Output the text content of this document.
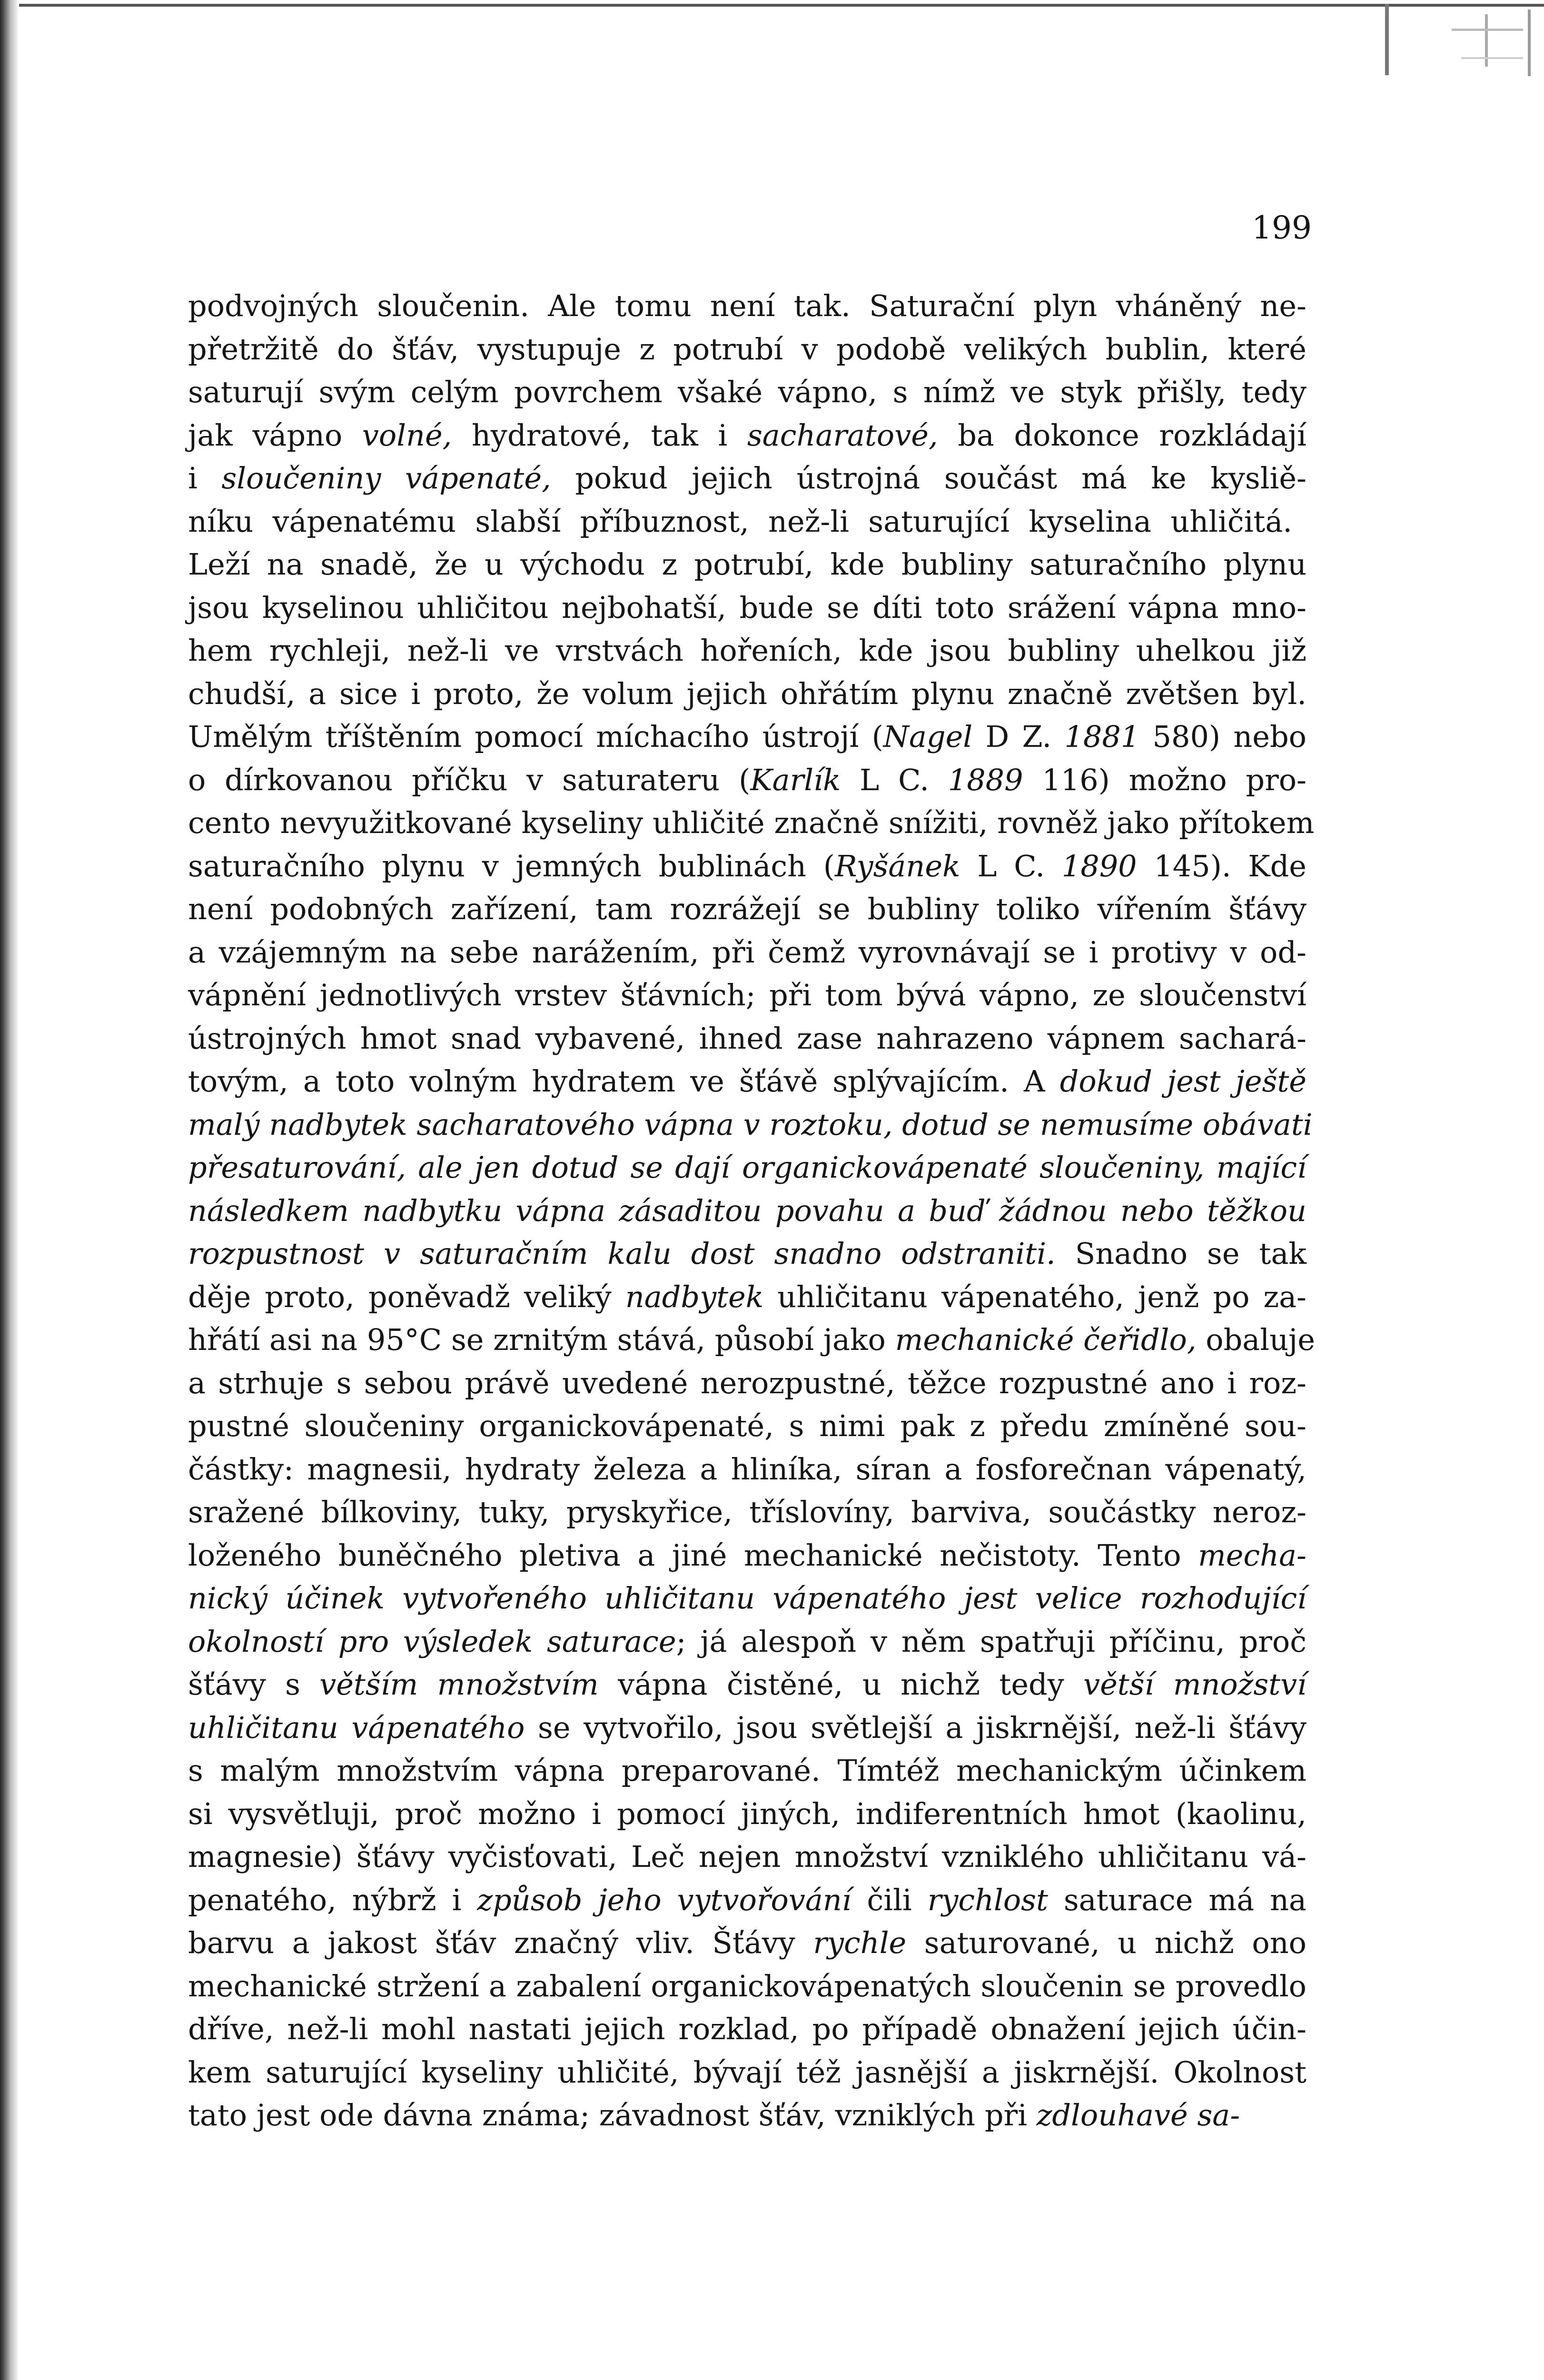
199
podvojných sloučenin. Ale tomu není tak. Saturační plyn vháněný ne-
přetržitě do šťáv, vystupuje z potrubí v podobě velikých bublin, které
saturují svým celým povrchem všaké vápno, s nímž ve styk přišly, tedy
jak vápno volné, hydratové, tak i sacharatové, ba dokonce rozkládají
i sloučeniny vápenaté, pokud jejich ústrojná součást má ke kysliě-
níku vápenatému slabší příbuznost, než-li saturující kyselina uhličitá.
Leží na snadě, že u východu z potrubí, kde bubliny saturačního plynu
jsou kyselinou uhličitou nejbohatší, bude se díti toto srážení vápna mno-
hem rychleji, než-li ve vrstvách hořeních, kde jsou bubliny uhelkou již
chudší, a sice i proto, že volum jejich ohřátím plynu značně zvětšen byl.
Umělým tříštěním pomocí míchacího ústrojí (Nagel D Z. 1881 580) nebo
o dírkovanou příčku v saturateru (Karlík L C. 1889 116) možno pro-
cento nevyužitkované kyseliny uhličité značně snížiti, rovněž jako přítokem
saturačního plynu v jemných bublinách (Ryšánek L C. 1890 145). Kde
není podobných zařízení, tam rozrážejí se bubliny toliko vířením šťávy
a vzájemným na sebe narážením, při čemž vyrovnávají se i protivy v od-
vápnění jednotlivých vrstev šťávních; při tom bývá vápno, ze sloučenství
ústrojných hmot snad vybavené, ihned zase nahrazeno vápnem sachará-
tovým, a toto volným hydratem ve šťávě splývajícím. A dokud jest ještě
malý nadbytek sacharatového vápna v roztoku, dotud se nemusíme obávati
přesaturování, ale jen dotud se dají organickovápenaté sloučeniny, mající
následkem nadbytku vápna zásaditou povahu a buď žádnou nebo těžkou
rozpustnost v saturačním kalu dost snadno odstraniti. Snadno se tak
děje proto, poněvadž veliký nadbytek uhličitanu vápenatého, jenž po za-
hřátí asi na 95°C se zrnitým stává, působí jako mechanické čeřidlo, obaluje
a strhuje s sebou právě uvedené nerozpustné, těžce rozpustné ano i roz-
pustné sloučeniny organickovápenaté, s nimi pak z předu zmíněné sou-
částky: magnesii, hydraty železa a hliníka, síran a fosforečnan vápenatý,
sražené bílkoviny, tuky, pryskyřice, tříslovíny, barviva, součástky neroz-
loženého buněčného pletiva a jiné mechanické nečistoty. Tento mecha-
nický účinek vytvořeného uhličitanu vápenatého jest velice rozhodující
okolností pro výsledek saturace; já alespoň v něm spatřuji příčinu, proč
šťávy s větším množstvím vápna čistěné, u nichž tedy větší množství
uhličitanu vápenatého se vytvořilo, jsou světlejší a jiskrnější, než-li šťávy
s malým množstvím vápna preparované. Tímtéž mechanickým účinkem
si vysvětluji, proč možno i pomocí jiných, indiferentních hmot (kaolinu,
magnesie) šťávy vyčisťovati, Leč nejen množství vzniklého uhličitanu vá-
penatého, nýbrž i způsob jeho vytvořování čili rychlost saturace má na
barvu a jakost šťáv značný vliv. Šťávy rychle saturované, u nichž ono
mechanické stržení a zabalení organickovápenatých sloučenin se provedlo
dříve, než-li mohl nastati jejich rozklad, po případě obnažení jejich účin-
kem saturující kyseliny uhličité, bývají též jasnější a jiskrnější. Okolnost
tato jest ode dávna známa; závadnost šťáv, vzniklých při zdlouhavé sa-
